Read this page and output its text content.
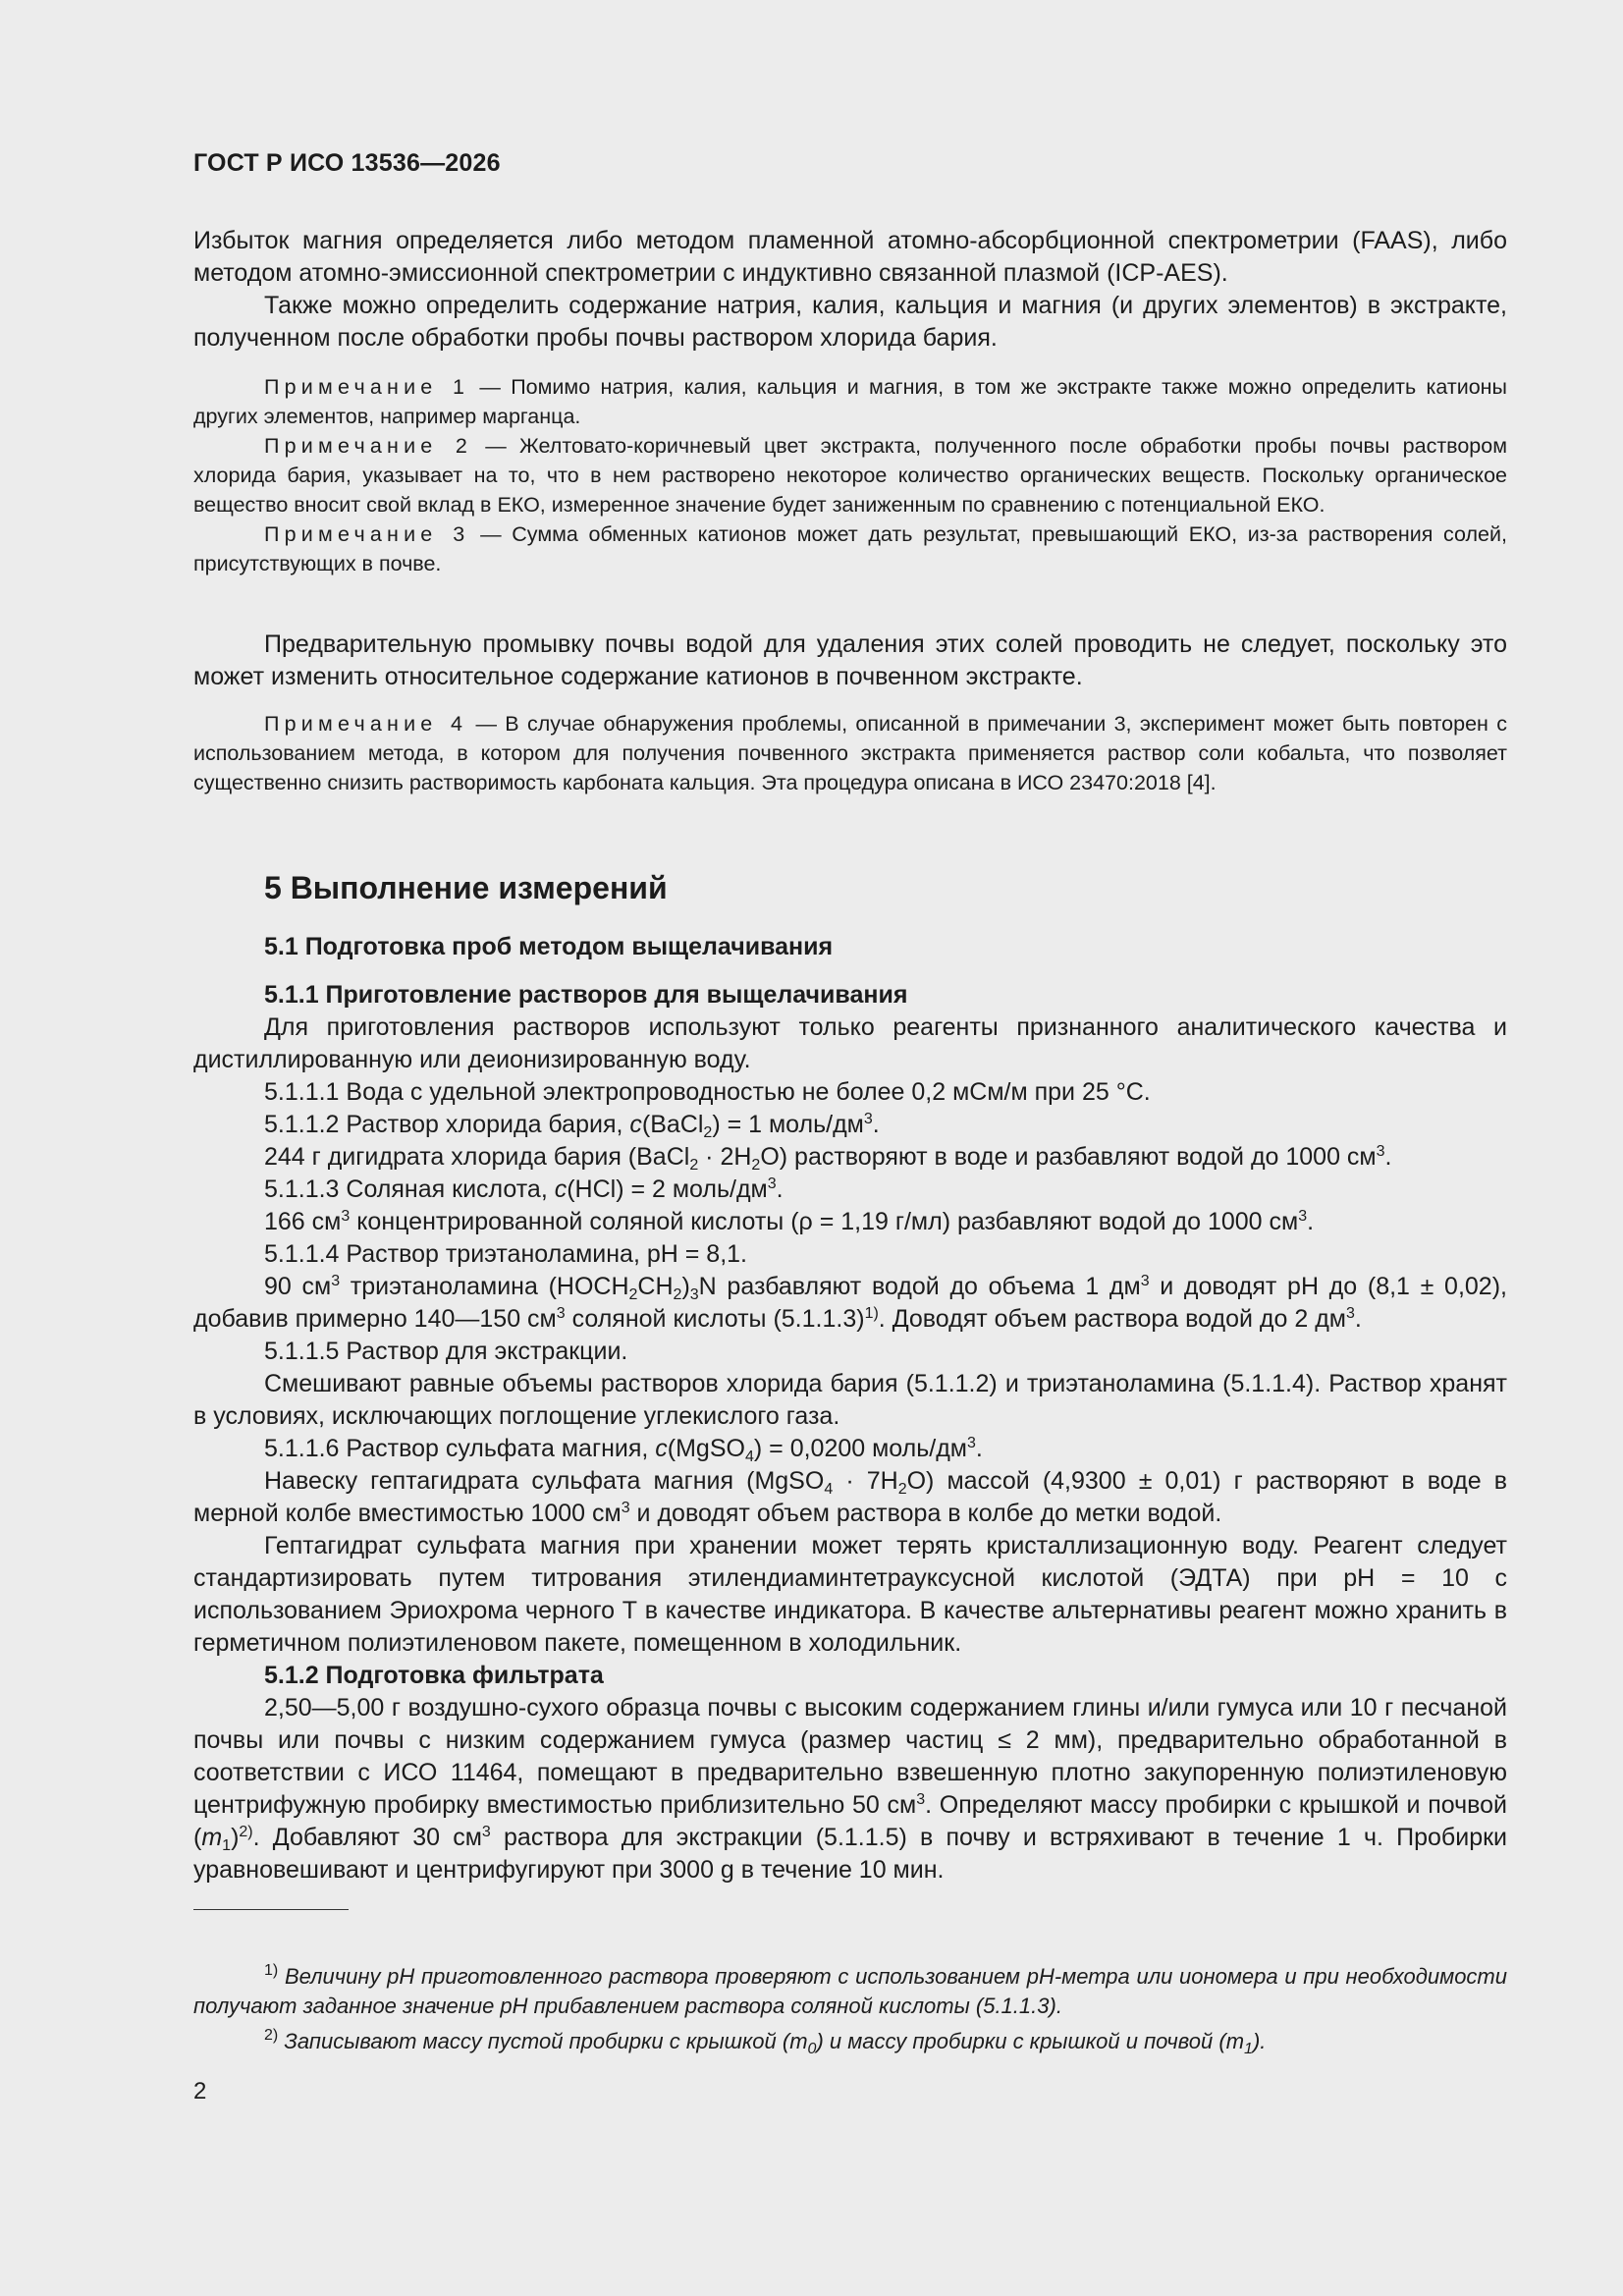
ГОСТ Р ИСО 13536—2026

Избыток магния определяется либо методом пламенной атомно-абсорбционной спектрометрии (FAAS), либо методом атомно-эмиссионной спектрометрии с индуктивно связанной плазмой (ICP-AES).

Также можно определить содержание натрия, калия, кальция и магния (и других элементов) в экстракте, полученном после обработки пробы почвы раствором хлорида бария.

Примечание 1 — Помимо натрия, калия, кальция и магния, в том же экстракте также можно определить катионы других элементов, например марганца.

Примечание 2 — Желтовато-коричневый цвет экстракта, полученного после обработки пробы почвы раствором хлорида бария, указывает на то, что в нем растворено некоторое количество органических веществ. Поскольку органическое вещество вносит свой вклад в ЕКО, измеренное значение будет заниженным по сравнению с потенциальной ЕКО.

Примечание 3 — Сумма обменных катионов может дать результат, превышающий ЕКО, из-за растворения солей, присутствующих в почве.

Предварительную промывку почвы водой для удаления этих солей проводить не следует, поскольку это может изменить относительное содержание катионов в почвенном экстракте.

Примечание 4 — В случае обнаружения проблемы, описанной в примечании 3, эксперимент может быть повторен с использованием метода, в котором для получения почвенного экстракта применяется раствор соли кобальта, что позволяет существенно снизить растворимость карбоната кальция. Эта процедура описана в ИСО 23470:2018 [4].

5 Выполнение измерений

5.1 Подготовка проб методом выщелачивания

5.1.1 Приготовление растворов для выщелачивания

Для приготовления растворов используют только реагенты признанного аналитического качества и дистиллированную или деионизированную воду.

5.1.1.1 Вода с удельной электропроводностью не более 0,2 мСм/м при 25 °С.

5.1.1.2 Раствор хлорида бария, c(BaCl$_2$) = 1 моль/$дм^3$.

244 г дигидрата хлорида бария (BaCl$_2$ · $2H_2O$) растворяют в воде и разбавляют водой до 1000 $см^3$.

5.1.1.3 Соляная кислота, c(HCl) = 2 моль/$дм^3$.

166 $см^3$ концентрированной соляной кислоты (ρ = 1,19 г/мл) разбавляют водой до 1000 $см^3$.

5.1.1.4 Раствор триэтаноламина, pH = 8,1.

90 $см^3$ триэтаноламина $(HOCH_2CH_2)_3N$ разбавляют водой до объема 1 $дм^3$ и доводят pH до (8,1 ± 0,02), добавив примерно 140—150 $см^3$ соляной кислоты $(5.1.1.3)^{1)}$. Доводят объем раствора водой до 2 $дм^3$.

5.1.1.5 Раствор для экстракции.

Смешивают равные объемы растворов хлорида бария (5.1.1.2) и триэтаноламина (5.1.1.4). Раствор хранят в условиях, исключающих поглощение углекислого газа.

5.1.1.6 Раствор сульфата магния, c(MgSO$_4$) = 0,0200 моль/$дм^3$.

Навеску гептагидрата сульфата магния (MgSO$_4$ · $7H_2O$) массой (4,9300 ± 0,01) г растворяют в воде в мерной колбе вместимостью 1000 $см^3$ и доводят объем раствора в колбе до метки водой.

Гептагидрат сульфата магния при хранении может терять кристаллизационную воду. Реагент следует стандартизировать путем титрования этилендиаминтетрауксусной кислотой (ЭДТА) при pH = 10 с использованием Эриохрома черного Т в качестве индикатора. В качестве альтернативы реагент можно хранить в герметичном полиэтиленовом пакете, помещенном в холодильник.

5.1.2 Подготовка фильтрата

2,50—5,00 г воздушно-сухого образца почвы с высоким содержанием глины и/или гумуса или 10 г песчаной почвы или почвы с низким содержанием гумуса (размер частиц ≤ 2 мм), предварительно обработанной в соответствии с ИСО 11464, помещают в предварительно взвешенную плотно закупоренную полиэтиленовую центрифужную пробирку вместимостью приблизительно 50 $см^3$. Определяют массу пробирки с крышкой и почвой $(m_1)^{2)}$. Добавляют 30 $см^3$ раствора для экстракции (5.1.1.5) в почву и встряхивают в течение 1 ч. Пробирки уравновешивают и центрифугируют при 3000 g в течение 10 мин.

$^{1)}$ Величину pH приготовленного раствора проверяют с использованием pH-метра или иономера и при необходимости получают заданное значение pH прибавлением раствора соляной кислоты (5.1.1.3).

$^{2)}$ Записывают массу пустой пробирки с крышкой $(m_0)$ и массу пробирки с крышкой и почвой $(m_1)$.

2
